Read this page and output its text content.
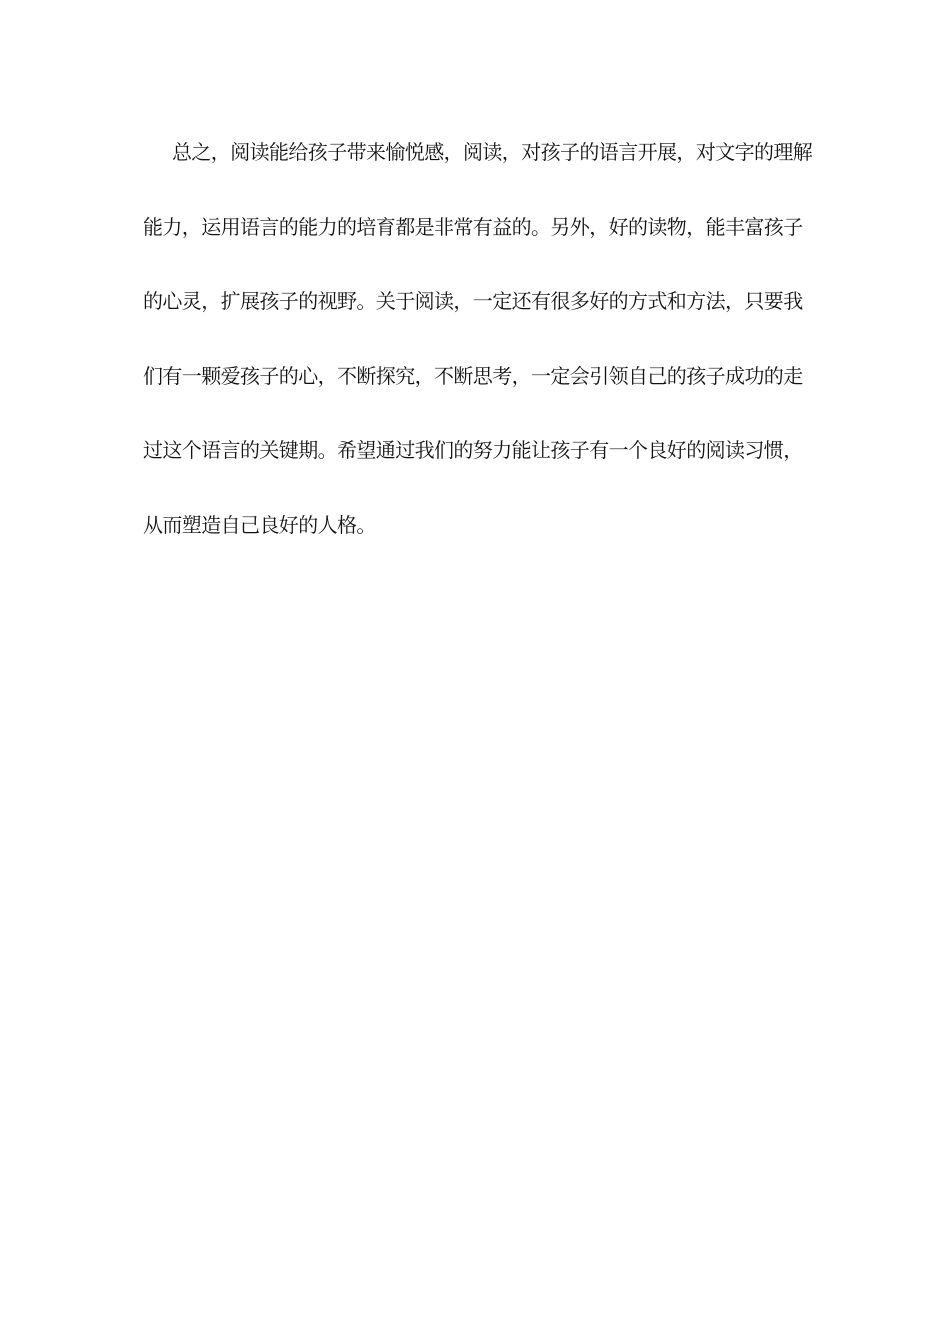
总之，阅读能给孩子带来愉悦感，阅读，对孩子的语言开展，对文字的理解
能力，运用语言的能力的培育都是非常有益的。另外，好的读物，能丰富孩子
的心灵，扩展孩子的视野。关于阅读，一定还有很多好的方式和方法，只要我
们有一颗爱孩子的心，不断探究，不断思考，一定会引领自己的孩子成功的走
过这个语言的关键期。希望通过我们的努力能让孩子有一个良好的阅读习惯，
从而塑造自己良好的人格。
